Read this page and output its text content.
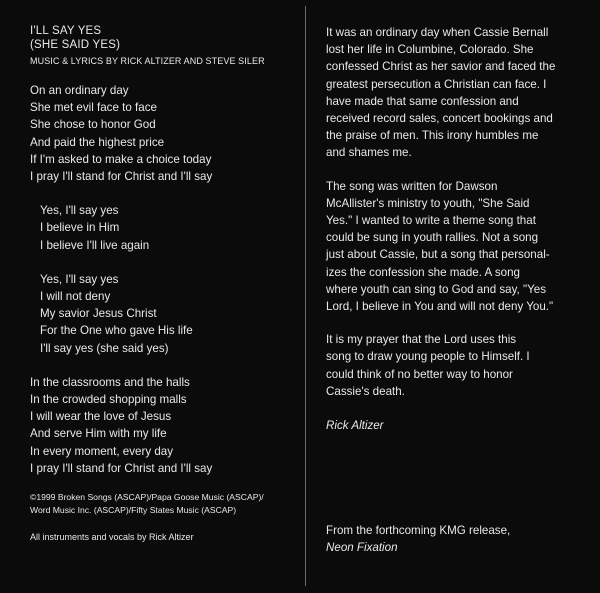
I'LL SAY YES
(SHE SAID YES)
MUSIC & LYRICS BY RICK ALTIZER AND STEVE SILER
On an ordinary day
She met evil face to face
She chose to honor God
And paid the highest price
If I'm asked to make a choice today
I pray I'll stand for Christ and I'll say
Yes, I'll say yes
I believe in Him
I believe I'll live again
Yes, I'll say yes
I will not deny
My savior Jesus Christ
For the One who gave His life
I'll say yes (she said yes)
In the classrooms and the halls
In the crowded shopping malls
I will wear the love of Jesus
And serve Him with my life
In every moment, every day
I pray I'll stand for Christ and I'll say
©1999 Broken Songs (ASCAP)/Papa Goose Music (ASCAP)/
Word Music Inc. (ASCAP)/Fifty States Music (ASCAP)
All instruments and vocals by Rick Altizer
It was an ordinary day when Cassie Bernall
lost her life in Columbine, Colorado. She
confessed Christ as her savior and faced the
greatest persecution a Christian can face. I
have made that same confession and
received record sales, concert bookings and
the praise of men. This irony humbles me
and shames me.
The song was written for Dawson
McAllister's ministry to youth, "She Said
Yes." I wanted to write a theme song that
could be sung in youth rallies. Not a song
just about Cassie, but a song that personal-
izes the confession she made. A song
where youth can sing to God and say, "Yes
Lord, I believe in You and will not deny You."
It is my prayer that the Lord uses this
song to draw young people to Himself. I
could think of no better way to honor
Cassie's death.
Rick Altizer
From the forthcoming KMG release,
Neon Fixation
